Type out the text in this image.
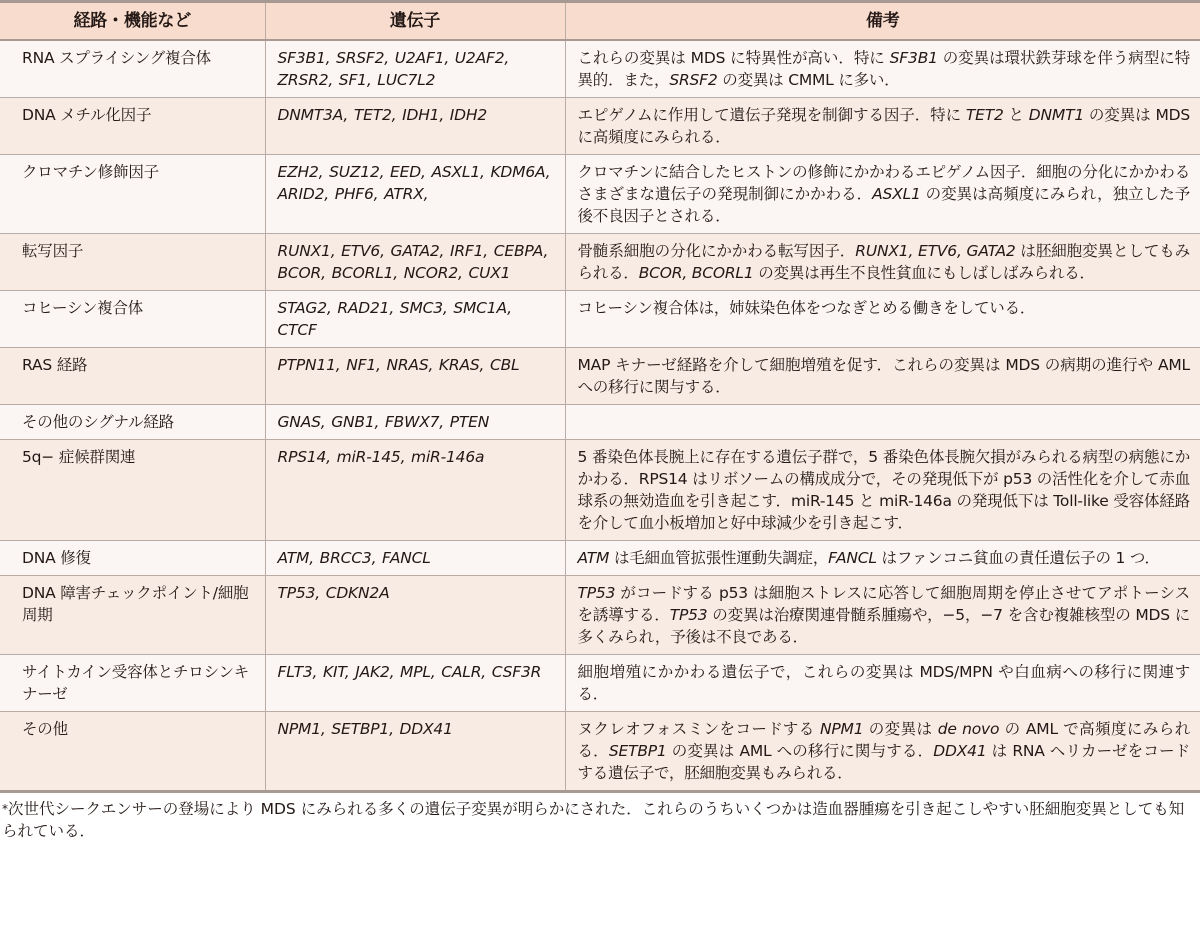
経路・機能など	遺伝子	備考
RNA スプライシング複合体	SF3B1, SRSF2, U2AF1, U2AF2, ZRSR2, SF1, LUC7L2	これらの変異は MDS に特異性が高い．特に SF3B1 の変異は環状鉄芽球を伴う病型に特異的．また，SRSF2 の変異は CMML に多い．
DNA メチル化因子	DNMT3A, TET2, IDH1, IDH2	エピゲノムに作用して遺伝子発現を制御する因子．特に TET2 と DNMT1 の変異は MDS に高頻度にみられる．
クロマチン修飾因子	EZH2, SUZ12, EED, ASXL1, KDM6A, ARID2, PHF6, ATRX,	クロマチンに結合したヒストンの修飾にかかわるエピゲノム因子．細胞の分化にかかわるさまざまな遺伝子の発現制御にかかわる．ASXL1 の変異は高頻度にみられ，独立した予後不良因子とされる．
転写因子	RUNX1, ETV6, GATA2, IRF1, CEBPA, BCOR, BCORL1, NCOR2, CUX1	骨髄系細胞の分化にかかわる転写因子．RUNX1, ETV6, GATA2 は胚細胞変異としてもみられる．BCOR, BCORL1 の変異は再生不良性貧血にもしばしばみられる．
コヒーシン複合体	STAG2, RAD21, SMC3, SMC1A, CTCF	コヒーシン複合体は，姉妹染色体をつなぎとめる働きをしている．
RAS 経路	PTPN11, NF1, NRAS, KRAS, CBL	MAP キナーゼ経路を介して細胞増殖を促す．これらの変異は MDS の病期の進行や AML への移行に関与する．
その他のシグナル経路	GNAS, GNB1, FBWX7, PTEN	
5q− 症候群関連	RPS14, miR-145, miR-146a	5 番染色体長腕上に存在する遺伝子群で，5 番染色体長腕欠損がみられる病型の病態にかかわる．RPS14 はリボソームの構成成分で，その発現低下が p53 の活性化を介して赤血球系の無効造血を引き起こす．miR-145 と miR-146a の発現低下は Toll-like 受容体経路を介して血小板増加と好中球減少を引き起こす．
DNA 修復	ATM, BRCC3, FANCL	ATM は毛細血管拡張性運動失調症，FANCL はファンコニ貧血の責任遺伝子の 1 つ．
DNA 障害チェックポイント/細胞周期	TP53, CDKN2A	TP53 がコードする p53 は細胞ストレスに応答して細胞周期を停止させてアポトーシスを誘導する．TP53 の変異は治療関連骨髄系腫瘍や，−5，−7 を含む複雑核型の MDS に多くみられ，予後は不良である．
サイトカイン受容体とチロシンキナーゼ	FLT3, KIT, JAK2, MPL, CALR, CSF3R	細胞増殖にかかわる遺伝子で，これらの変異は MDS/MPN や白血病への移行に関連する．
その他	NPM1, SETBP1, DDX41	ヌクレオフォスミンをコードする NPM1 の変異は de novo の AML で高頻度にみられる．SETBP1 の変異は AML への移行に関与する．DDX41 は RNA ヘリカーゼをコードする遺伝子で，胚細胞変異もみられる．
*次世代シークエンサーの登場により MDS にみられる多くの遺伝子変異が明らかにされた．これらのうちいくつかは造血器腫瘍を引き起こしやすい胚細胞変異としても知られている．
